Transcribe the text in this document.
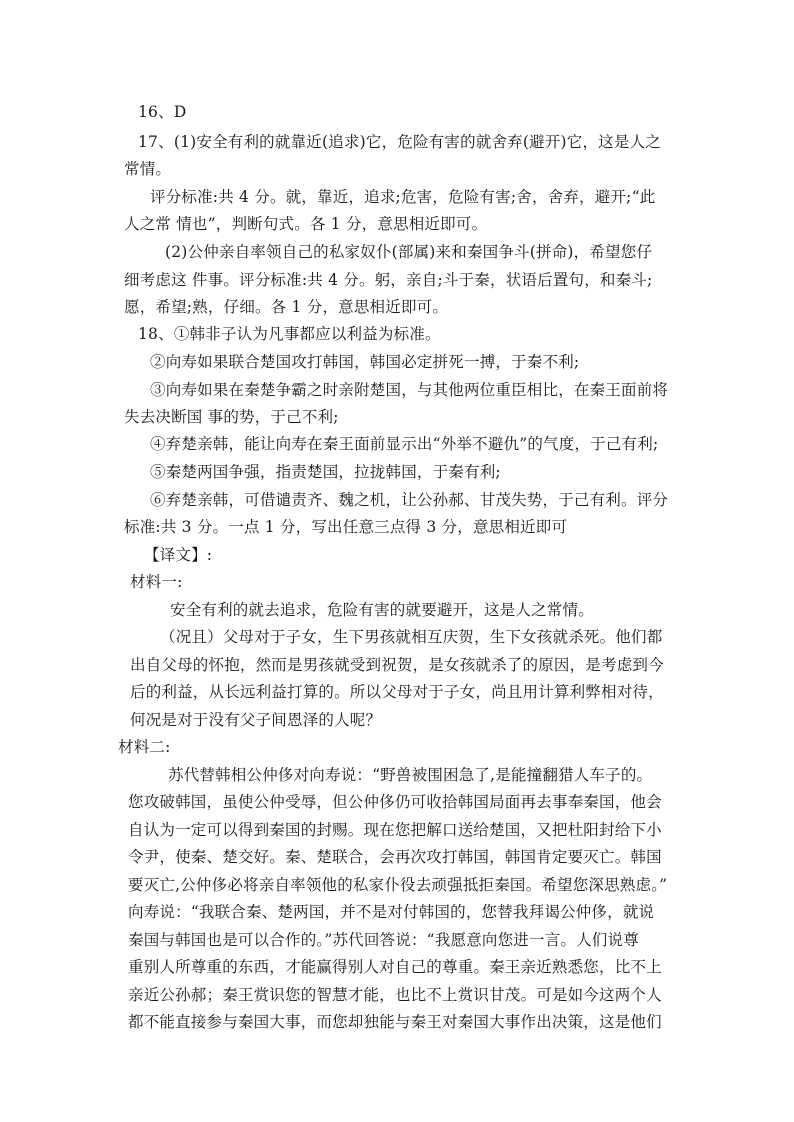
16、D
17、(1)安全有利的就靠近(追求)它，危险有害的就舍弃(避开)它，这是人之
常情。
评分标准:共 4 分。就，靠近，追求;危害，危险有害;舍，舍弃，避开;“此
人之常 情也”，判断句式。各 1 分，意思相近即可。
(2)公仲亲自率领自己的私家奴仆(部属)来和秦国争斗(拼命)，希望您仔
细考虑这 件事。评分标准:共 4 分。躬，亲自;斗于秦，状语后置句，和秦斗;
愿，希望;熟，仔细。各 1 分，意思相近即可。
18、①韩非子认为凡事都应以利益为标准。
②向寿如果联合楚国攻打韩国，韩国必定拼死一搏，于秦不利;
③向寿如果在秦楚争霸之时亲附楚国，与其他两位重臣相比，在秦王面前将
失去决断国 事的势，于己不利;
④弃楚亲韩，能让向寿在秦王面前显示出“外举不避仇”的气度，于己有利;
⑤秦楚两国争强，指责楚国，拉拢韩国，于秦有利;
⑥弃楚亲韩，可借谴责齐、魏之机，让公孙郝、甘茂失势，于己有利。评分
标准:共 3 分。一点 1 分，写出任意三点得 3 分，意思相近即可
【译文】:
材料一:
安全有利的就去追求，危险有害的就要避开，这是人之常情。
（况且）父母对于子女，生下男孩就相互庆贺，生下女孩就杀死。他们都
出自父母的怀抱，然而是男孩就受到祝贺，是女孩就杀了的原因，是考虑到今
后的利益，从长远利益打算的。所以父母对于子女，尚且用计算利弊相对待，
何况是对于没有父子间恩泽的人呢？
材料二:
苏代替韩相公仲侈对向寿说：“野兽被围困急了,是能撞翻猎人车子的。
您攻破韩国，虽使公仲受辱，但公仲侈仍可收拾韩国局面再去事奉秦国，他会
自认为一定可以得到秦国的封赐。现在您把解口送给楚国，又把杜阳封给下小
令尹，使秦、楚交好。秦、楚联合，会再次攻打韩国，韩国肯定要灭亡。韩国
要灭亡,公仲侈必将亲自率领他的私家仆役去顽强抵拒秦国。希望您深思熟虑。”
向寿说：“我联合秦、楚两国，并不是对付韩国的，您替我拜谒公仲侈，就说
秦国与韩国也是可以合作的。”苏代回答说：“我愿意向您进一言。人们说尊
重别人所尊重的东西，才能赢得别人对自己的尊重。秦王亲近熟悉您，比不上
亲近公孙郝；秦王赏识您的智慧才能，也比不上赏识甘茂。可是如今这两个人
都不能直接参与秦国大事，而您却独能与秦王对秦国大事作出决策，这是他们
